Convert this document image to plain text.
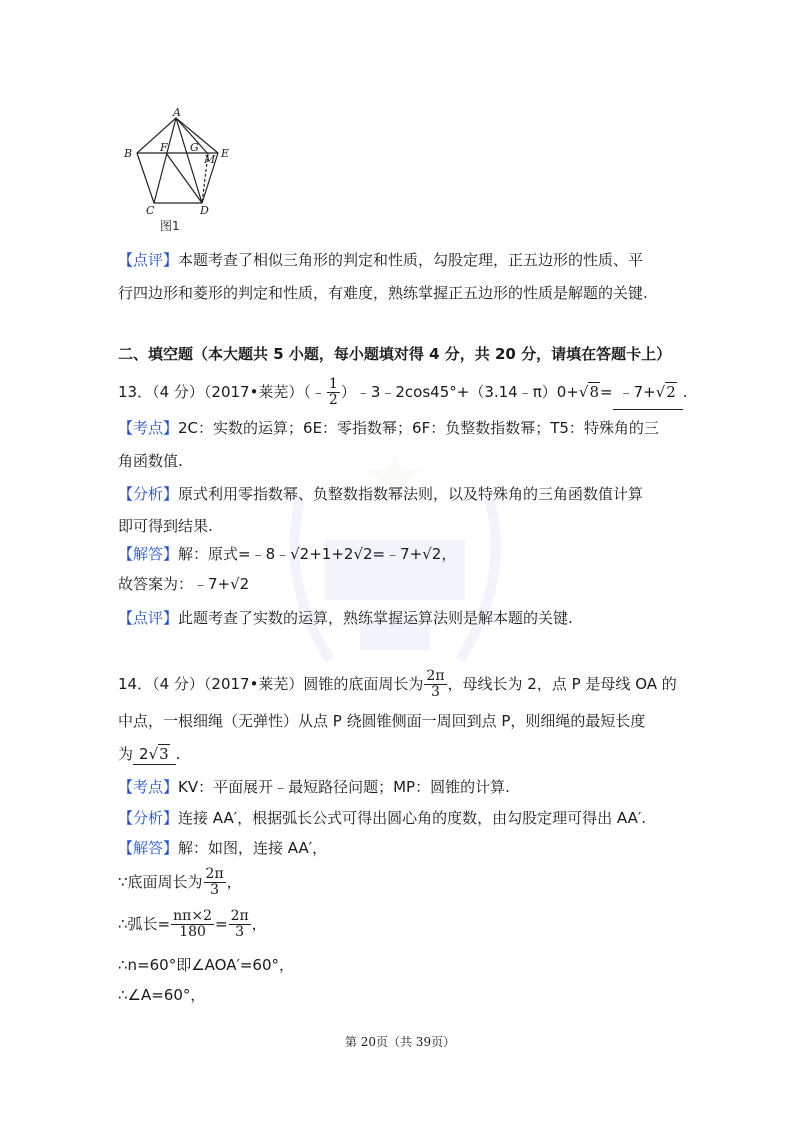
A
B	F G
M E
C	D
图1
【点评】本题考查了相似三角形的判定和性质，勾股定理，正五边形的性质、平
行四边形和菱形的判定和性质，有难度，熟练掌握正五边形的性质是解题的关键.
二、填空题（本大题共 5 小题，每小题填对得 4 分，共 20 分，请填在答题卡上）
13．（4 分）（2017•莱芜）（﹣ $\frac{1}{2}$ ）﹣3﹣2cos45°+（3.14﹣π）0+√8= ﹣7+√2 .
【考点】2C：实数的运算；6E：零指数幂；6F：负整数指数幂；T5：特殊角的三
角函数值.
【分析】原式利用零指数幂、负整数指数幂法则，以及特殊角的三角函数值计算
即可得到结果.
【解答】解：原式=﹣8﹣√2+1+2√2=﹣7+√2，
故答案为：﹣7+√2
【点评】此题考查了实数的运算，熟练掌握运算法则是解本题的关键.
14．（4 分）（2017•莱芜）圆锥的底面周长为 $\frac{2\pi}{3}$ ，母线长为 2，点 P 是母线 OA 的
中点，一根细绳（无弹性）从点 P 绕圆锥侧面一周回到点 P，则细绳的最短长度
为 2√3 .
【考点】KV：平面展开﹣最短路径问题；MP：圆锥的计算.
【分析】连接 AA′，根据弧长公式可得出圆心角的度数，由勾股定理可得出 AA′.
【解答】解：如图，连接 AA′，
∵底面周长为 $\frac{2\pi}{3}$ ，
∴弧长= $\frac{n\pi\times 2}{180} = \frac{2\pi}{3}$ ，
∴n=60°即∠AOA′=60°，
∴∠A=60°，
第 20页（共 39页）
